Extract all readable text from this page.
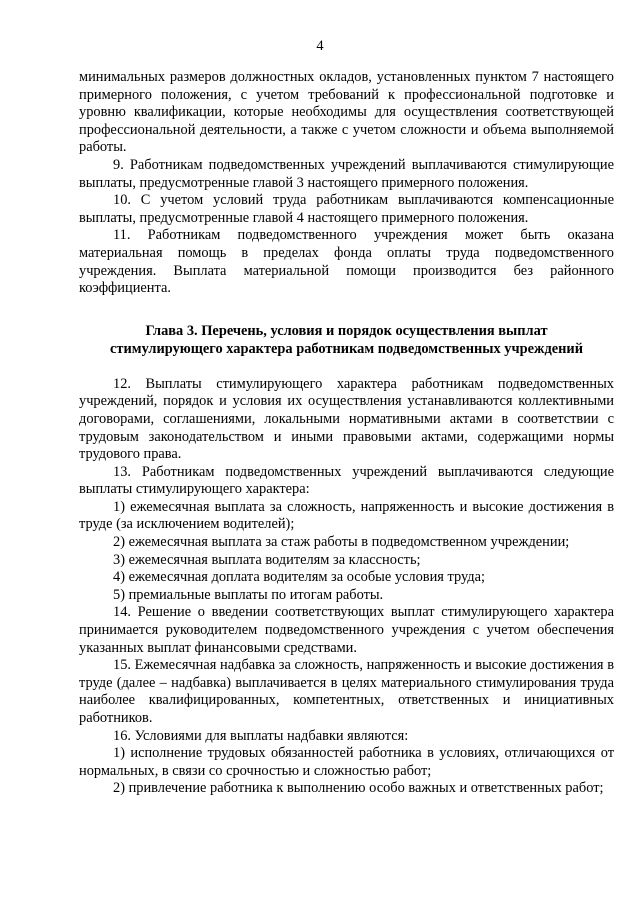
4

минимальных размеров должностных окладов, установленных пунктом 7 настоящего примерного положения, с учетом требований к профессиональной подготовке и уровню квалификации, которые необходимы для осуществления соответствующей профессиональной деятельности, а также с учетом сложности и объема выполняемой работы.

9. Работникам подведомственных учреждений выплачиваются стимулирующие выплаты, предусмотренные главой 3 настоящего примерного положения.

10. С учетом условий труда работникам выплачиваются компенсационные выплаты, предусмотренные главой 4 настоящего примерного положения.

11. Работникам подведомственного учреждения может быть оказана материальная помощь в пределах фонда оплаты труда подведомственного учреждения. Выплата материальной помощи производится без районного коэффициента.

Глава 3. Перечень, условия и порядок осуществления выплат
стимулирующего характера работникам подведомственных учреждений

12. Выплаты стимулирующего характера работникам подведомственных учреждений, порядок и условия их осуществления устанавливаются коллективными договорами, соглашениями, локальными нормативными актами в соответствии с трудовым законодательством и иными правовыми актами, содержащими нормы трудового права.

13. Работникам подведомственных учреждений выплачиваются следующие выплаты стимулирующего характера:

1) ежемесячная выплата за сложность, напряженность и высокие достижения в труде (за исключением водителей);

2) ежемесячная выплата за стаж работы в подведомственном учреждении;

3) ежемесячная выплата водителям за классность;

4) ежемесячная доплата водителям за особые условия труда;

5) премиальные выплаты по итогам работы.

14. Решение о введении соответствующих выплат стимулирующего характера принимается руководителем подведомственного учреждения с учетом обеспечения указанных выплат финансовыми средствами.

15. Ежемесячная надбавка за сложность, напряженность и высокие достижения в труде (далее – надбавка) выплачивается в целях материального стимулирования труда наиболее квалифицированных, компетентных, ответственных и инициативных работников.

16. Условиями для выплаты надбавки являются:

1) исполнение трудовых обязанностей работника в условиях, отличающихся от нормальных, в связи со срочностью и сложностью работ;

2) привлечение работника к выполнению особо важных и ответственных работ;
